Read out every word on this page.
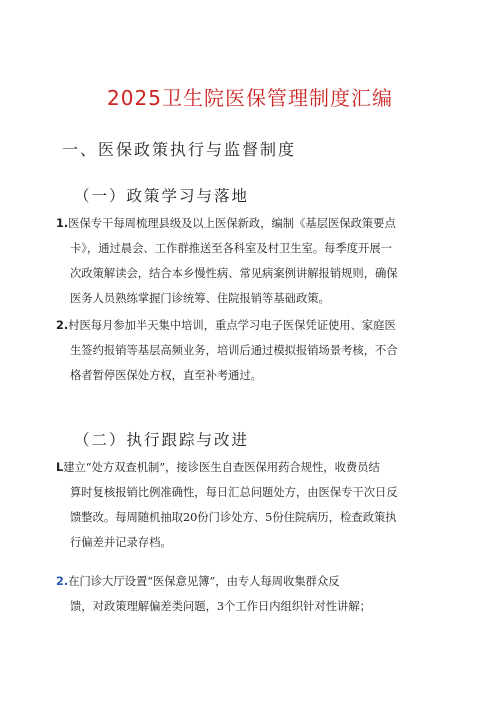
2025卫生院医保管理制度汇编
一、医保政策执行与监督制度
（一）政策学习与落地
1.医保专干每周梳理县级及以上医保新政，编制《基层医保政策要点
卡》，通过晨会、工作群推送至各科室及村卫生室。每季度开展一
次政策解读会，结合本乡慢性病、常见病案例讲解报销规则，确保
医务人员熟练掌握门诊统筹、住院报销等基础政策。
2.村医每月参加半天集中培训，重点学习电子医保凭证使用、家庭医
生签约报销等基层高频业务，培训后通过模拟报销场景考核，不合
格者暂停医保处方权，直至补考通过。
（二）执行跟踪与改进
L建立“处方双查机制”，接诊医生自查医保用药合规性，收费员结
算时复核报销比例准确性，每日汇总问题处方，由医保专干次日反
馈整改。每周随机抽取20份门诊处方、5份住院病历，检查政策执
行偏差并记录存档。
2.在门诊大厅设置“医保意见簿”，由专人每周收集群众反
馈，对政策理解偏差类问题，3个工作日内组织针对性讲解；
